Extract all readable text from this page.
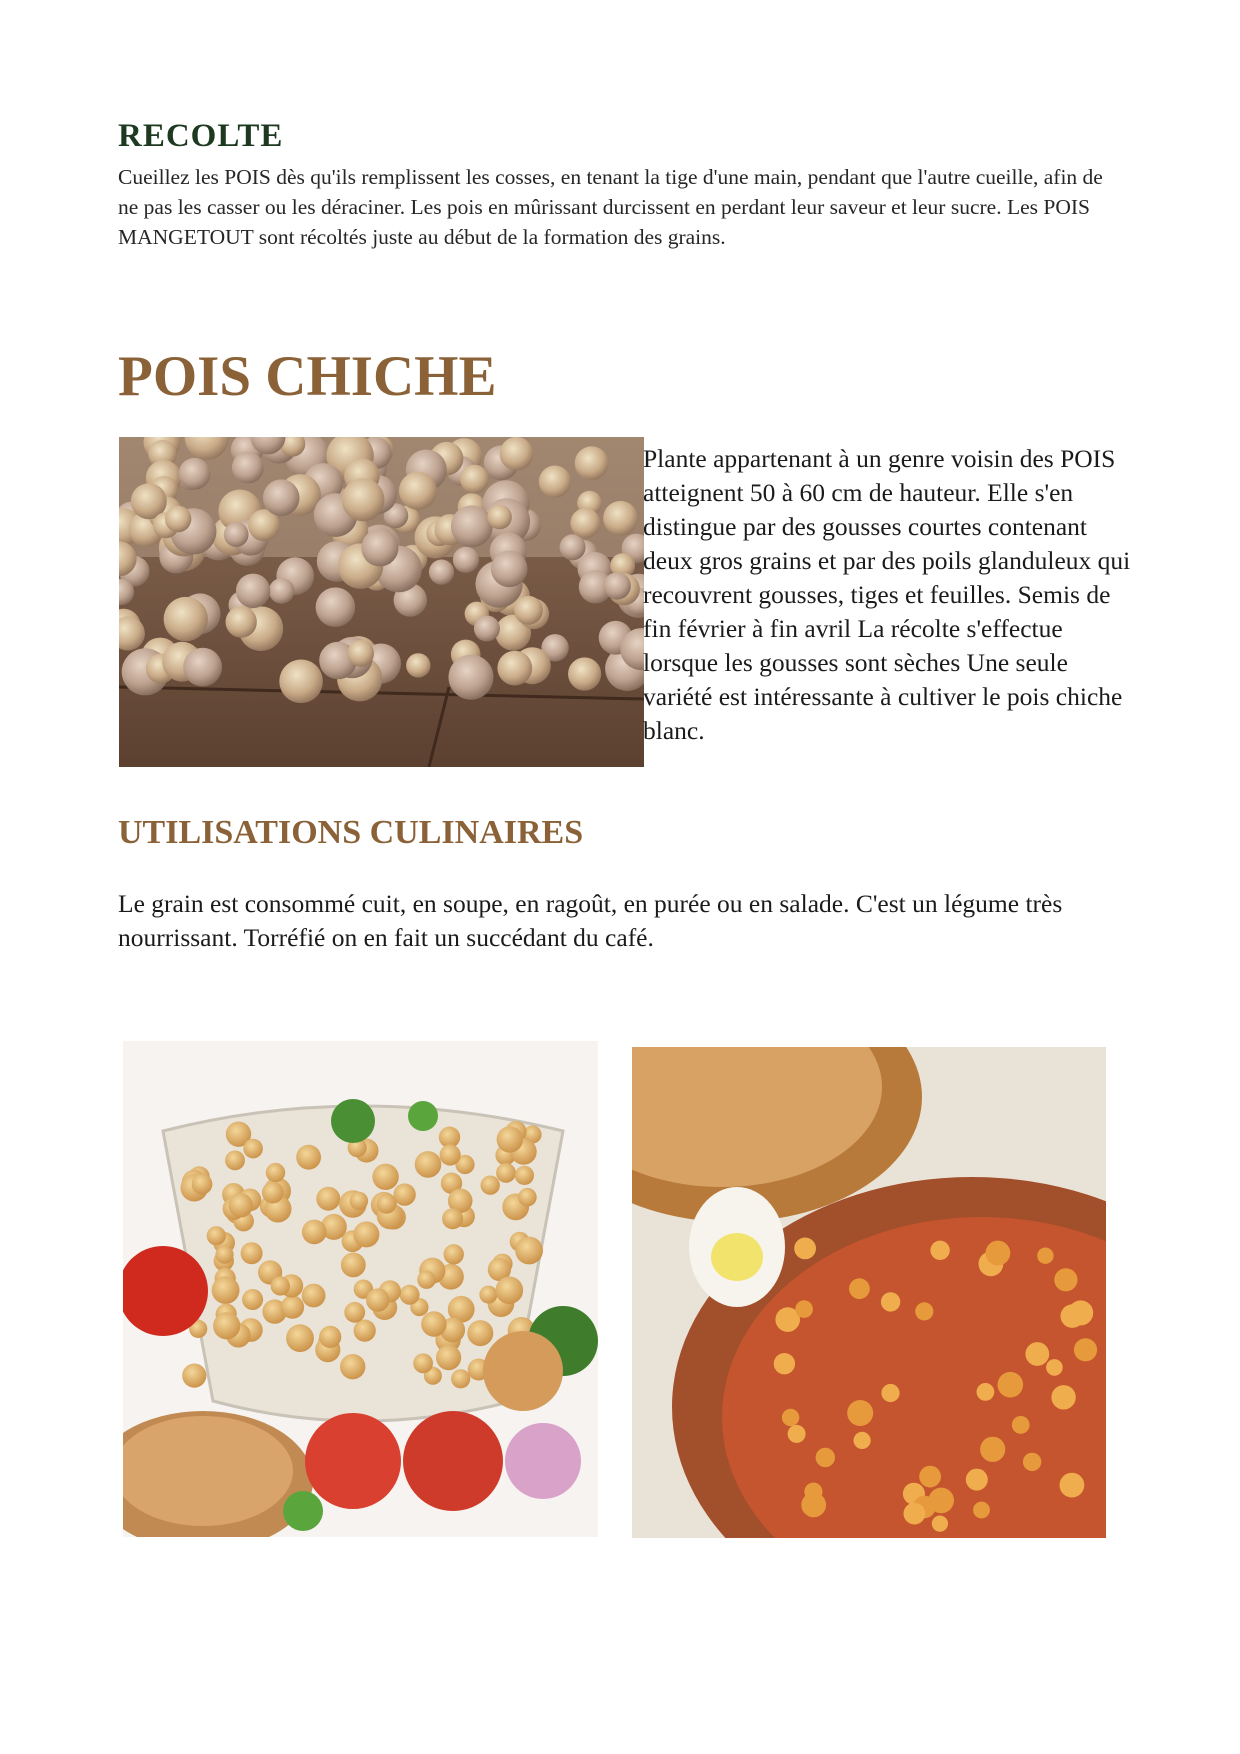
RECOLTE

Cueillez les POIS dès qu'ils remplissent les cosses, en tenant la tige d'une main, pendant que l'autre cueille, afin de ne pas les casser ou les déraciner. Les pois en mûrissant durcissent en perdant leur saveur et leur sucre. Les POIS MANGETOUT sont récoltés juste au début de la formation des grains.

POIS CHICHE

Plante appartenant à un genre voisin des POIS atteignent 50 à 60 cm de hauteur. Elle s'en distingue par des gousses courtes contenant deux gros grains et par des poils glanduleux qui recouvrent gousses, tiges et feuilles. Semis de fin février à fin avril La récolte s'effectue lorsque les gousses sont sèches Une seule variété est intéressante à cultiver le pois chiche blanc.

UTILISATIONS CULINAIRES

Le grain est consommé cuit, en soupe, en ragoût, en purée ou en salade. C'est un légume très nourrissant. Torréfié on en fait un succédant du café.
